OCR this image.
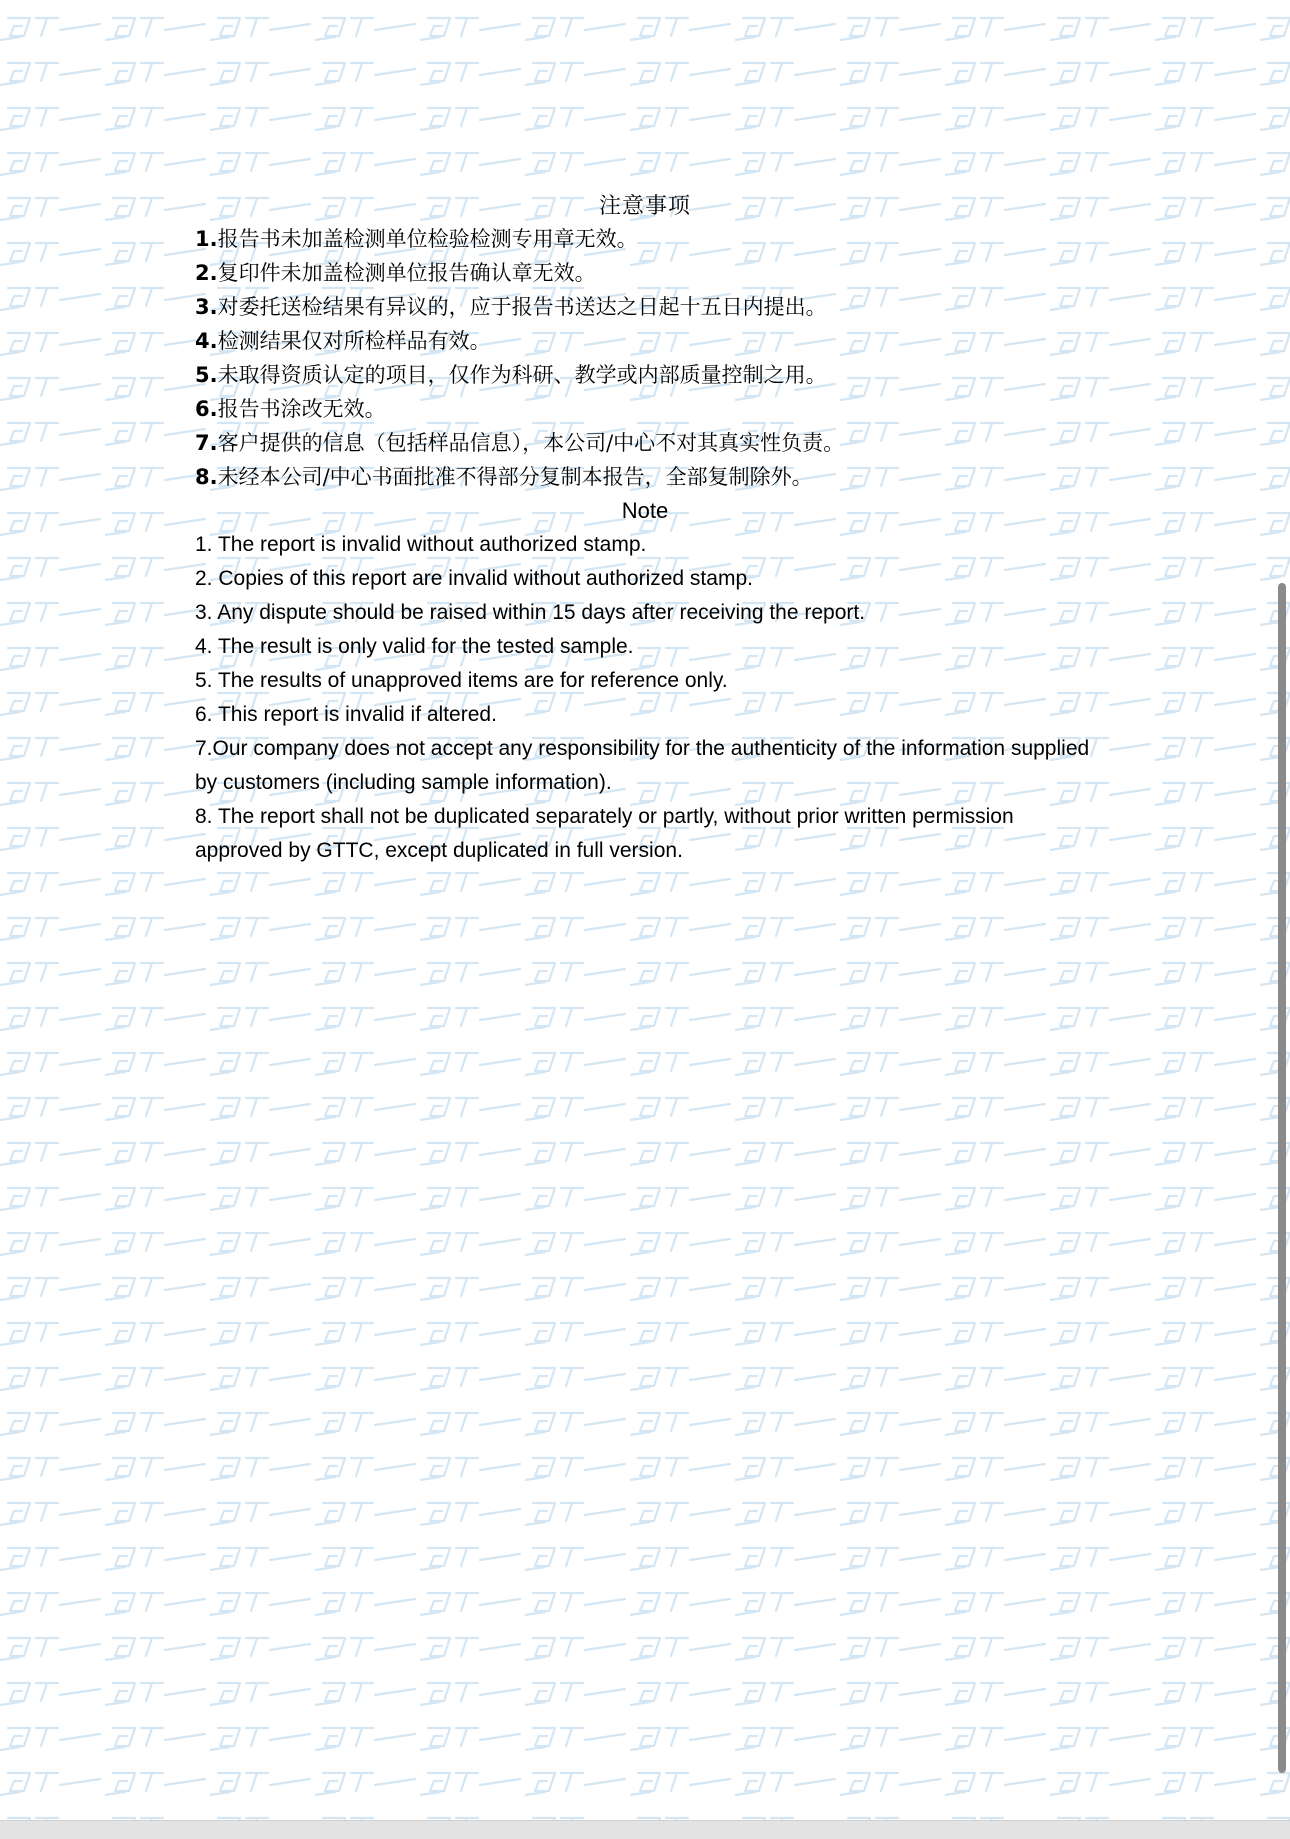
注意事项
1.报告书未加盖检测单位检验检测专用章无效。
2.复印件未加盖检测单位报告确认章无效。
3.对委托送检结果有异议的，应于报告书送达之日起十五日内提出。
4.检测结果仅对所检样品有效。
5.未取得资质认定的项目，仅作为科研、教学或内部质量控制之用。
6.报告书涂改无效。
7.客户提供的信息（包括样品信息），本公司/中心不对其真实性负责。
8.未经本公司/中心书面批准不得部分复制本报告，全部复制除外。
Note
1. The report is invalid without authorized stamp.
2. Copies of this report are invalid without authorized stamp.
3. Any dispute should be raised within 15 days after receiving the report.
4. The result is only valid for the tested sample.
5. The results of unapproved items are for reference only.
6. This report is invalid if altered.
7.Our company does not accept any responsibility for the authenticity of the information supplied by customers (including sample information).
8. The report shall not be duplicated separately or partly, without prior written permission approved by GTTC, except duplicated in full version.
